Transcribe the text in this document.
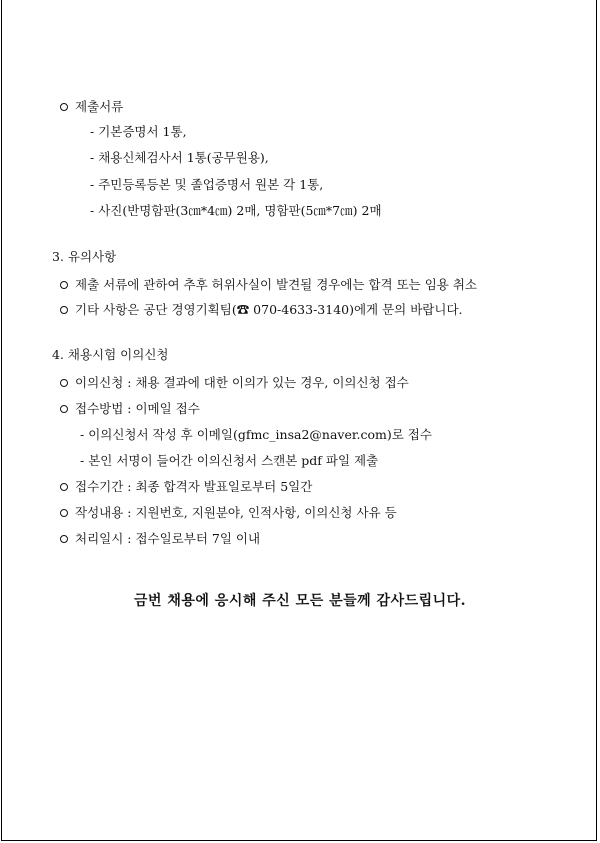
제출서류
- 기본증명서 1통,
- 채용신체검사서 1통(공무원용),
- 주민등록등본 및 졸업증명서 원본 각 1통,
- 사진(반명함판(3㎝*4㎝) 2매, 명함판(5㎝*7㎝) 2매
3. 유의사항
제출 서류에 관하여 추후 허위사실이 발견될 경우에는 합격 또는 임용 취소
기타 사항은 공단 경영기획팀(☎ 070-4633-3140)에게 문의 바랍니다.
4. 채용시험 이의신청
이의신청 : 채용 결과에 대한 이의가 있는 경우, 이의신청 접수
접수방법 : 이메일 접수
- 이의신청서 작성 후 이메일(gfmc_insa2@naver.com)로 접수
- 본인 서명이 들어간 이의신청서 스캔본 pdf 파일 제출
접수기간 : 최종 합격자 발표일로부터 5일간
작성내용 : 지원번호, 지원분야, 인적사항, 이의신청 사유 등
처리일시 : 접수일로부터 7일 이내
금번 채용에 응시해 주신 모든 분들께 감사드립니다.
